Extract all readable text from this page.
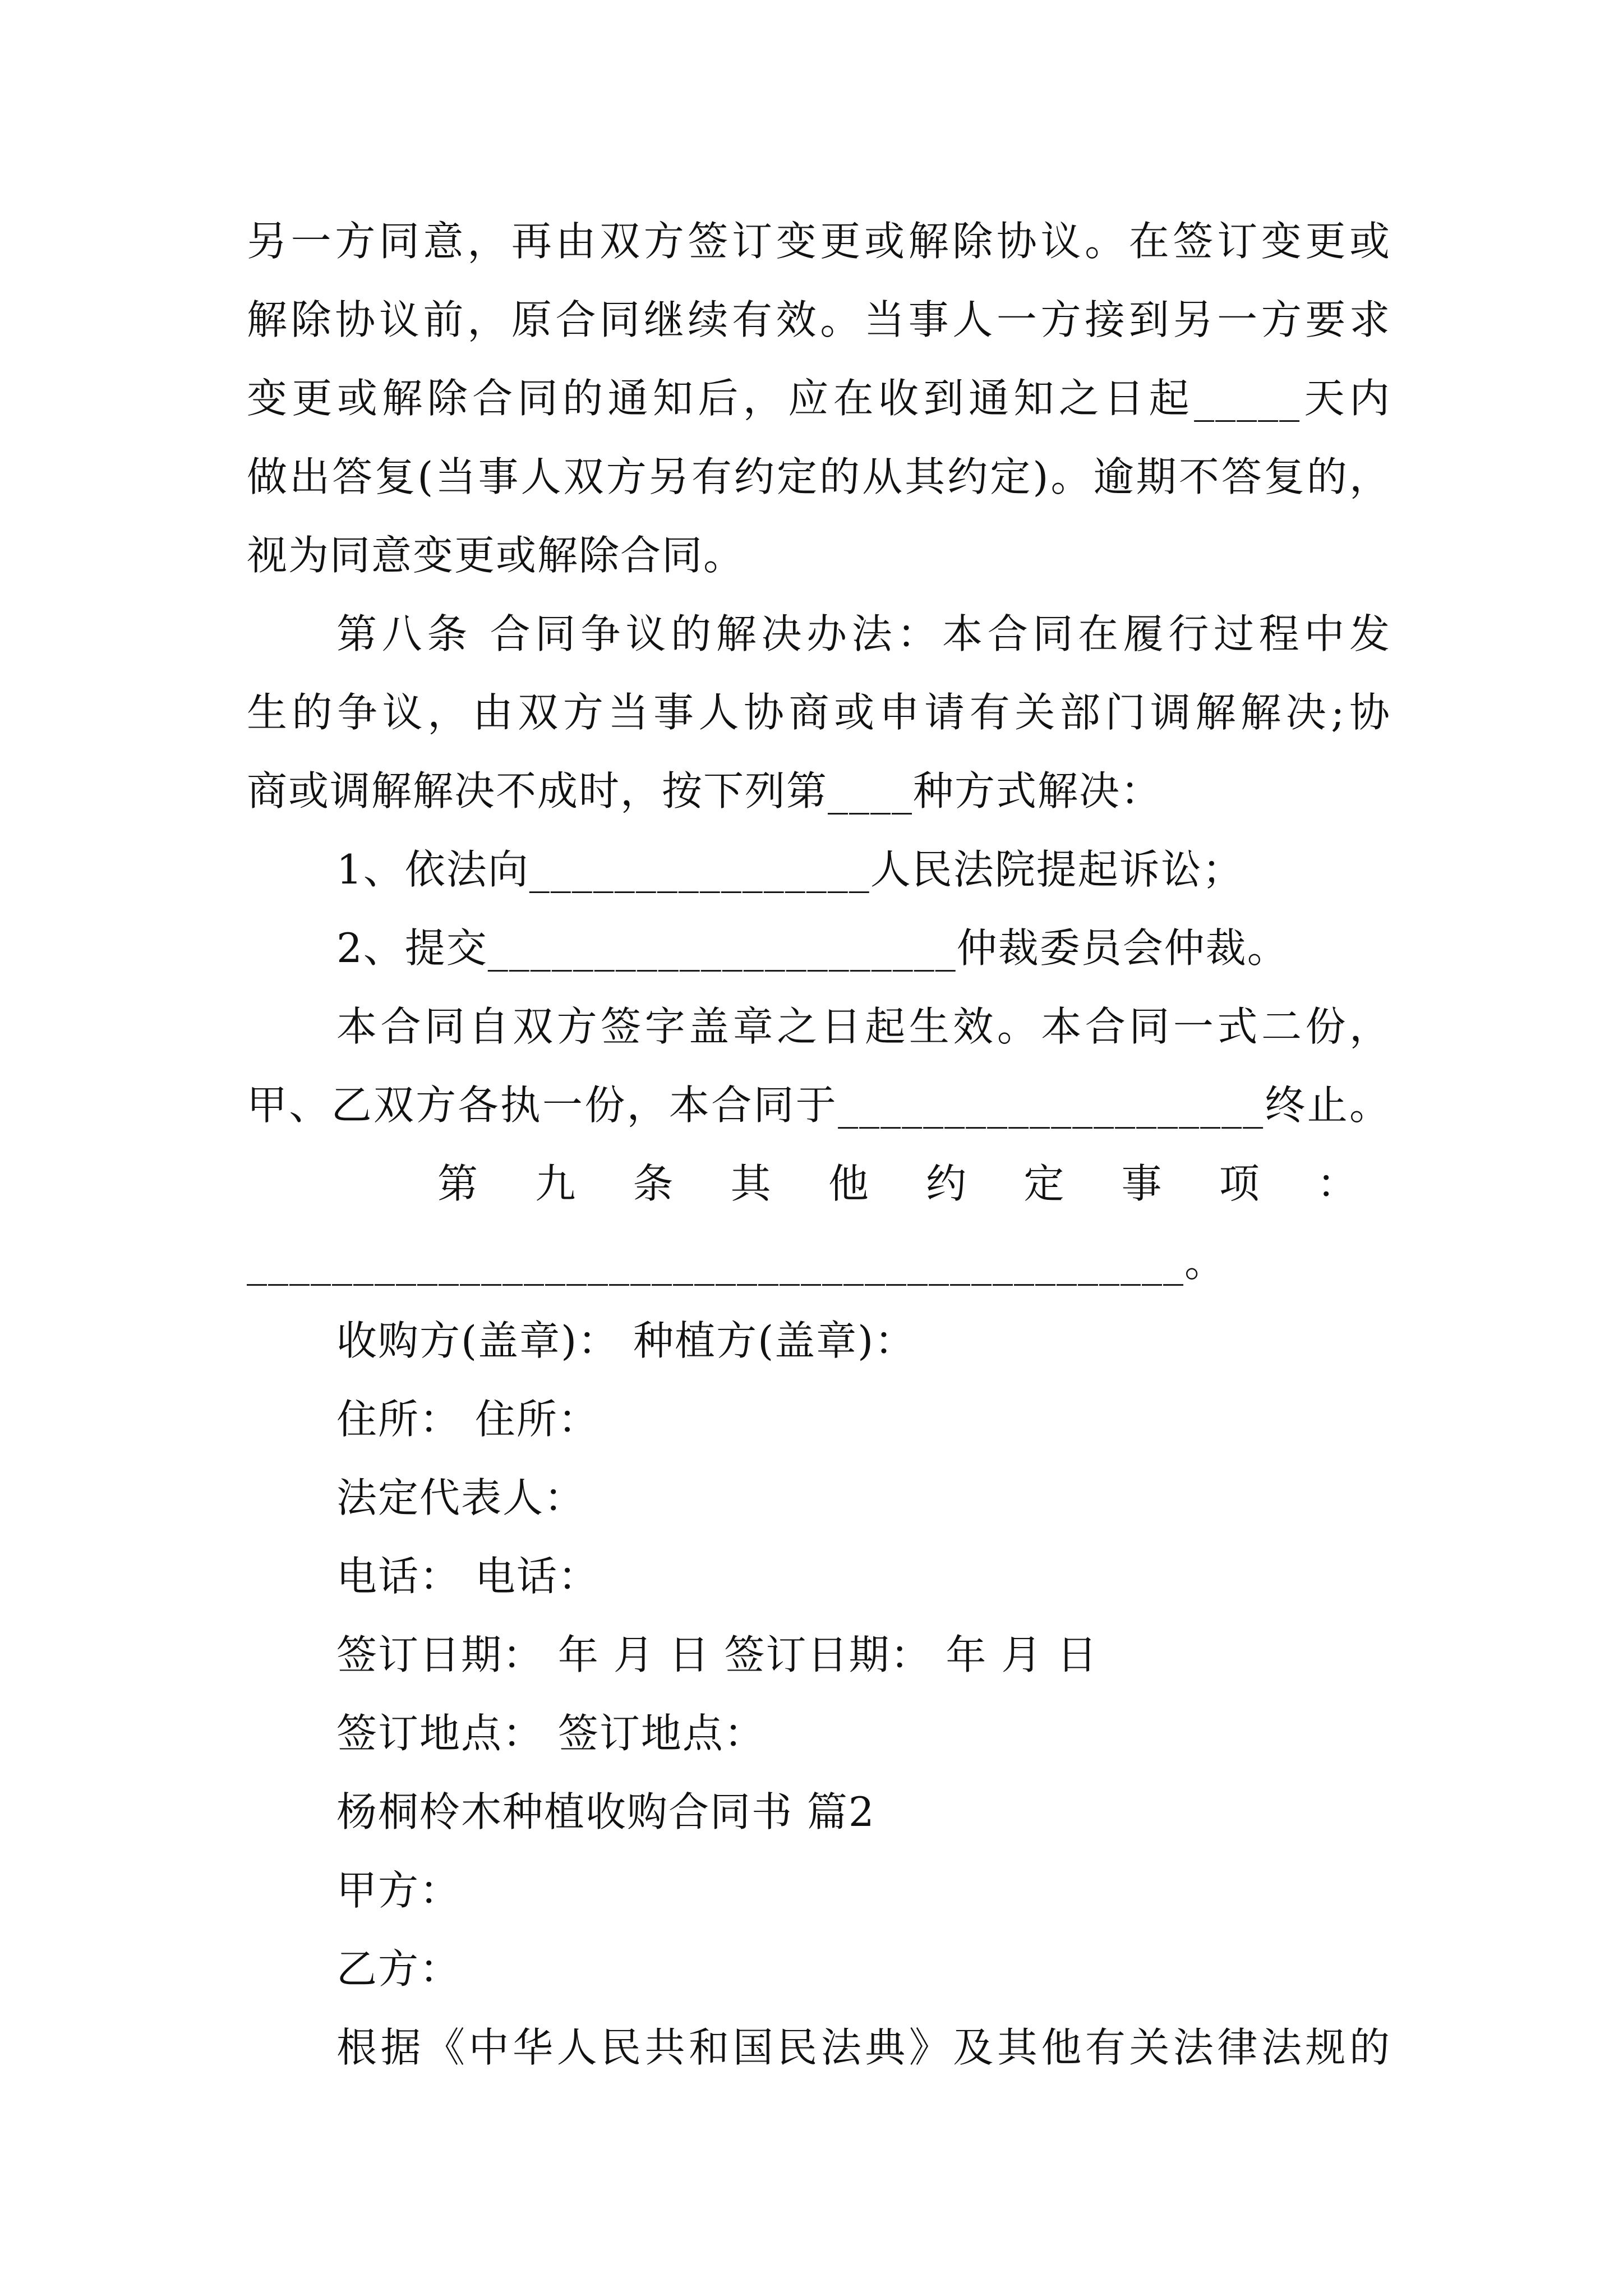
另一方同意，再由双方签订变更或解除协议。在签订变更或
解除协议前，原合同继续有效。当事人一方接到另一方要求
变更或解除合同的通知后，应在收到通知之日起_____天内
做出答复(当事人双方另有约定的从其约定)。逾期不答复的，
视为同意变更或解除合同。
第八条 合同争议的解决办法：本合同在履行过程中发
生的争议，由双方当事人协商或申请有关部门调解解决;协
商或调解解决不成时，按下列第____种方式解决：
1、依法向________________人民法院提起诉讼；
2、提交______________________仲裁委员会仲裁。
本合同自双方签字盖章之日起生效。本合同一式二份，
甲、乙双方各执一份，本合同于____________________终止。
第 九 条 其 他 约 定 事 项 ：
____________________________________________。
收购方(盖章)： 种植方(盖章)：
住所： 住所：
法定代表人：
电话： 电话：
签订日期： 年 月 日 签订日期： 年 月 日
签订地点： 签订地点：
杨桐柃木种植收购合同书 篇2
甲方：
乙方：
根据《中华人民共和国民法典》及其他有关法律法规的
